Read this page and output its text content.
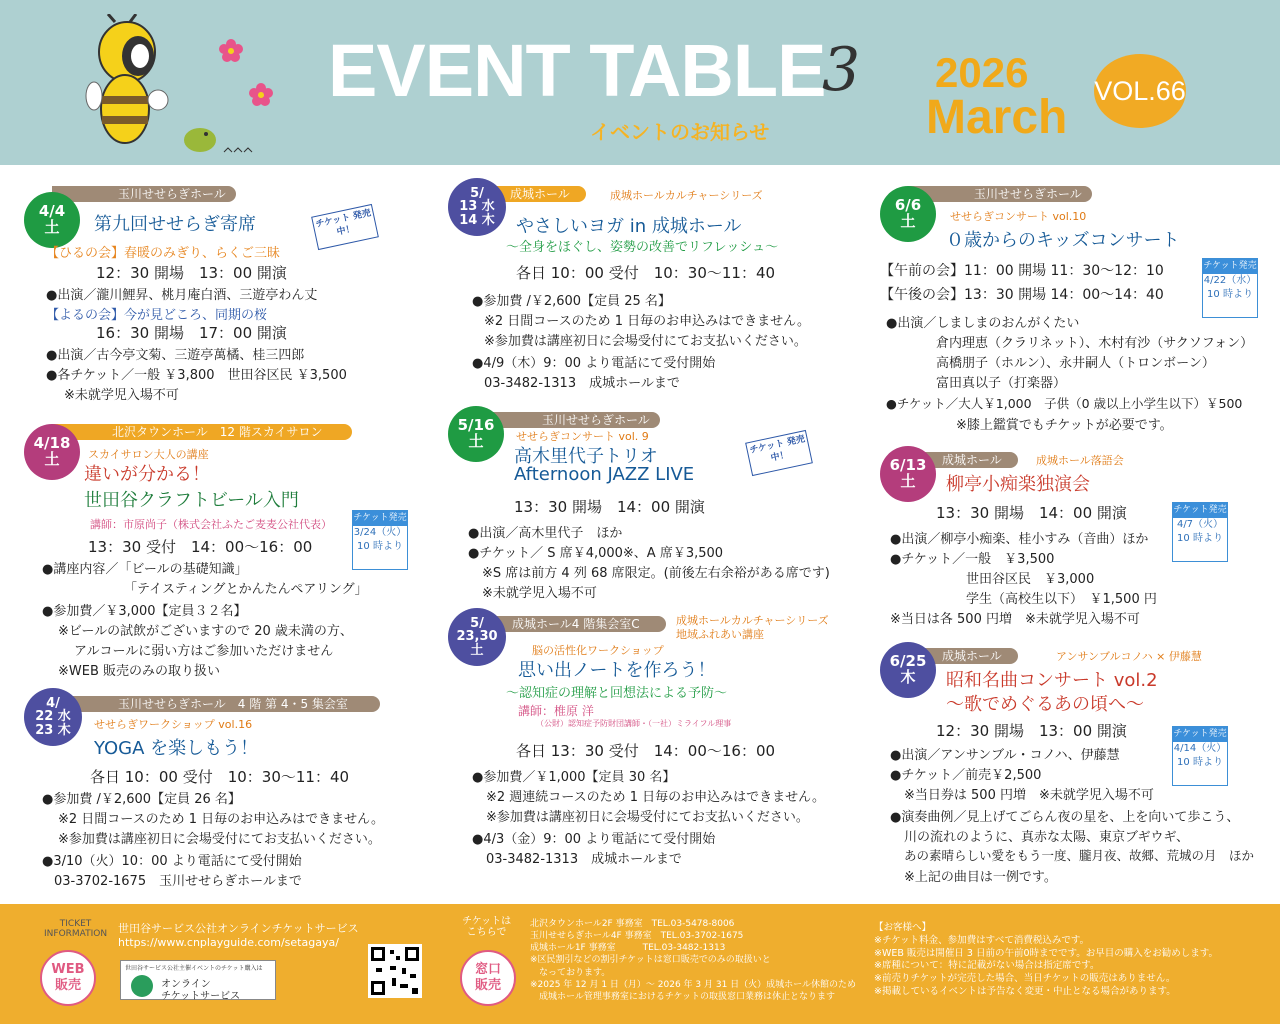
EVENT TABLE
イベントのお知らせ
3 2026
March VOL.66
玉川せせらぎホール
4/4
土 第九回せせらぎ寄席	チケット 発売中！
【ひるの会】春暖のみぎり、らくご三昧
12：30 開場　13：00 開演
●出演／瀧川鯉昇、桃月庵白酒、三遊亭わん丈
【よるの会】今が見どころ、同期の桜
16：30 開場　17：00 開演
●出演／古今亭文菊、三遊亭萬橘、桂三四郎
●各チケット／一般 ￥3,800　世田谷区民 ￥3,500
※未就学児入場不可
北沢タウンホール　12 階スカイサロン
4/18
土	スカイサロン大人の講座
違いが分かる！
世田谷クラフトビール入門
講師：市原尚子（株式会社ふたご麦麦公社代表） チケット発売
3/24（火）
10 時より
13：30 受付　14：00～16：00
●講座内容／「ビールの基礎知識」
「テイスティングとかんたんペアリング」
●参加費／￥3,000【定員３２名】
※ビールの試飲がございますので 20 歳未満の方、
アルコールに弱い方はご参加いただけません
※WEB 販売のみの取り扱い
玉川せせらぎホール　4 階 第 4・5 集会室
4/
22 水
23 木 せせらぎワークショップ vol.16
YOGA を楽しもう！
各日 10：00 受付　10：30～11：40
●参加費 /￥2,600【定員 26 名】
※2 日間コースのため 1 日毎のお申込みはできません。
※参加費は講座初日に会場受付にてお支払いください。
●3/10（火）10：00 より電話にて受付開始
03-3702-1675　玉川せせらぎホールまで
成城ホール	成城ホールカルチャーシリーズ
5/
13 水
14 木 やさしいヨガ in 成城ホール
～全身をほぐし、姿勢の改善でリフレッシュ～
各日 10：00 受付　10：30～11：40
●参加費 /￥2,600【定員 25 名】
※2 日間コースのため 1 日毎のお申込みはできません。
※参加費は講座初日に会場受付にてお支払いください。
●4/9（木）9：00 より電話にて受付開始
03-3482-1313　成城ホールまで
玉川せせらぎホール
5/16
土	せせらぎコンサート vol. 9
高木里代子トリオ
Afternoon JAZZ LIVE
チケット 発売中！
13：30 開場　14：00 開演
●出演／高木里代子　ほか
●チケット／ S 席￥4,000※、A 席￥3,500
※S 席は前方 4 列 68 席限定。(前後左右余裕がある席です)
※未就学児入場不可
成城ホール4 階集会室C	成城ホールカルチャーシリーズ
地域ふれあい講座
5/
23,30
土	脳の活性化ワークショップ
思い出ノートを作ろう！
～認知症の理解と回想法による予防～
講師：椎原 洋
（公財）認知症予防財団講師・（一社）ミライフル理事
各日 13：30 受付　14：00～16：00
●参加費／￥1,000【定員 30 名】
※2 週連続コースのため 1 日毎のお申込みはできません。
※参加費は講座初日に会場受付にてお支払いください。
●4/3（金）9：00 より電話にて受付開始
03-3482-1313　成城ホールまで
玉川せせらぎホール
6/6
土	せせらぎコンサート vol.10
０歳からのキッズコンサート
【午前の会】11：00 開場 11：30～12：10
【午後の会】13：30 開場 14：00～14：40
チケット発売
4/22（水）
10 時より
●出演／しましまのおんがくたい
倉内理恵（クラリネット）、木村有沙（サクソフォン）
高橋朋子（ホルン）、永井嗣人（トロンボーン）
富田真以子（打楽器）
●チケット／大人￥1,000　子供（0 歳以上小学生以下）￥500
※膝上鑑賞でもチケットが必要です。
成城ホール	成城ホール落語会
6/13
土 柳亭小痴楽独演会
13：30 開場　14：00 開演	チケット発売
4/7（火）
10 時より
●出演／柳亭小痴楽、桂小すみ（音曲）ほか
●チケット／一般　￥3,500
世田谷区民　￥3,000
学生（高校生以下）　￥1,500 円
※当日は各 500 円増　※未就学児入場不可
成城ホール	アンサンブルコノハ × 伊藤慧
6/25
木 昭和名曲コンサート vol.2
～歌でめぐるあの頃へ～
12：30 開場　13：00 開演	チケット発売
4/14（火）
10 時より
●出演／アンサンブル・コノハ、伊藤慧
●チケット／前売￥2,500
※当日券は 500 円増　※未就学児入場不可
●演奏曲例／見上げてごらん夜の星を、上を向いて歩こう、
川の流れのように、真赤な太陽、東京ブギウギ、
あの素晴らしい愛をもう一度、朧月夜、故郷、荒城の月　ほか
※上記の曲目は一例です。
TICKET
INFORMATION
WEB
販売
世田谷サービス公社オンラインチケットサービス
https://www.cnplayguide.com/setagaya/
世田谷サービス公社主催イベントのチケット購入は
オンライン
チケットサービス
チケットは
こちらで
窓口
販売
北沢タウンホール2F 事務室　TEL.03-5478-8006
玉川せせらぎホール4F 事務室　TEL.03-3702-1675
成城ホール1F 事務室　　　TEL.03-3482-1313
※区民割引などの割引チケットは窓口販売でのみの取扱いと
　なっております。
※2025 年 12 月 1 日（月）～ 2026 年 3 月 31 日（火）成城ホール休館のため
　成城ホール管理事務室におけるチケットの取扱窓口業務は休止となります
【お客様へ】
※チケット料金、参加費はすべて消費税込みです。
※WEB 販売は開催日 3 日前の午前0時までです。お早目の購入をお勧めします。
※席種について：特に記載がない場合は指定席です。
※前売りチケットが完売した場合、当日チケットの販売はありません。
※掲載しているイベントは予告なく変更・中止となる場合があります。
